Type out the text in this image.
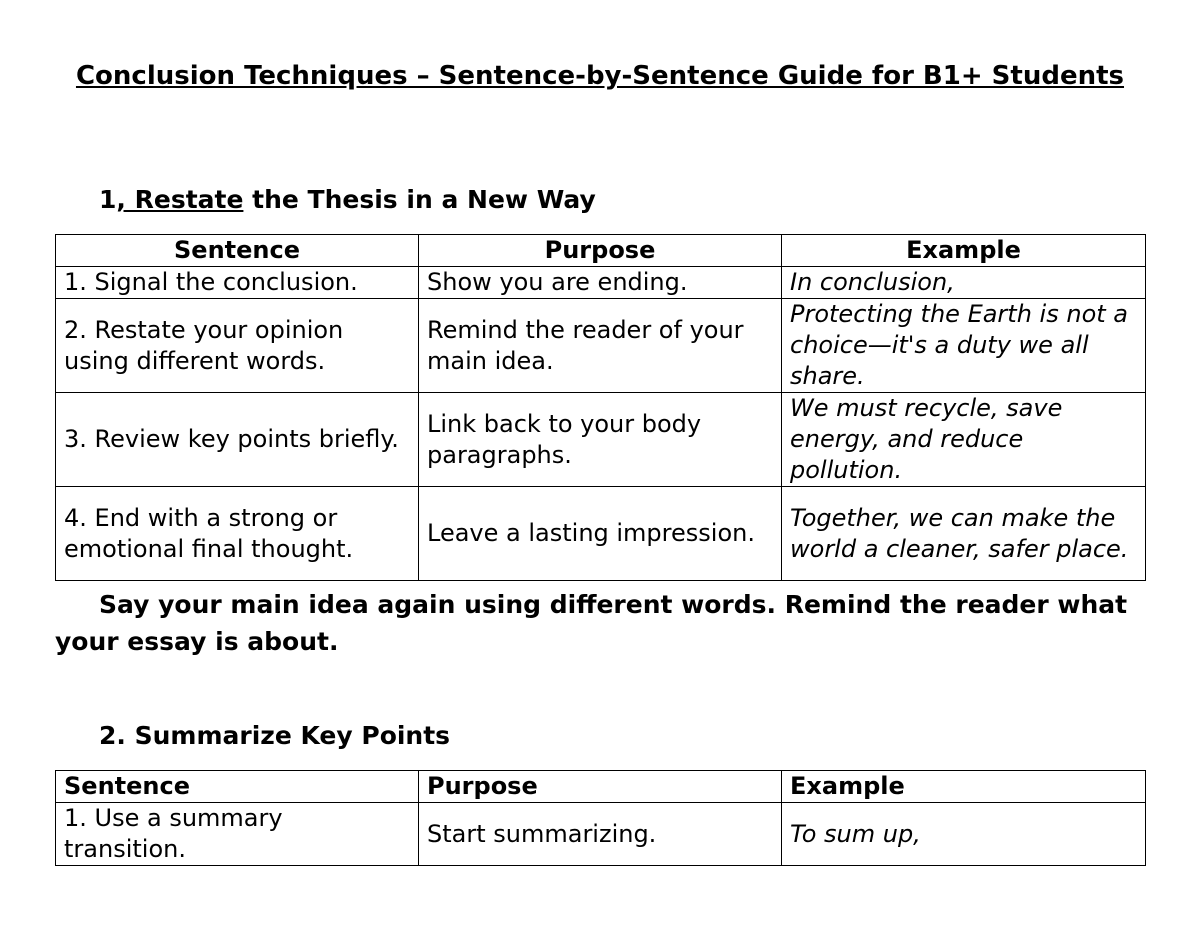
Conclusion Techniques – Sentence-by-Sentence Guide for B1+ Students

1, Restate the Thesis in a New Way

Sentence	Purpose	Example
1. Signal the conclusion.	Show you are ending.	In conclusion,
2. Restate your opinion using different words.	Remind the reader of your main idea.	Protecting the Earth is not a choice—it's a duty we all share.
3. Review key points briefly.	Link back to your body paragraphs.	We must recycle, save energy, and reduce pollution.
4. End with a strong or emotional final thought.	Leave a lasting impression.	Together, we can make the world a cleaner, safer place.

Say your main idea again using different words. Remind the reader what your essay is about.

2. Summarize Key Points

Sentence	Purpose	Example
1. Use a summary transition.	Start summarizing.	To sum up,
